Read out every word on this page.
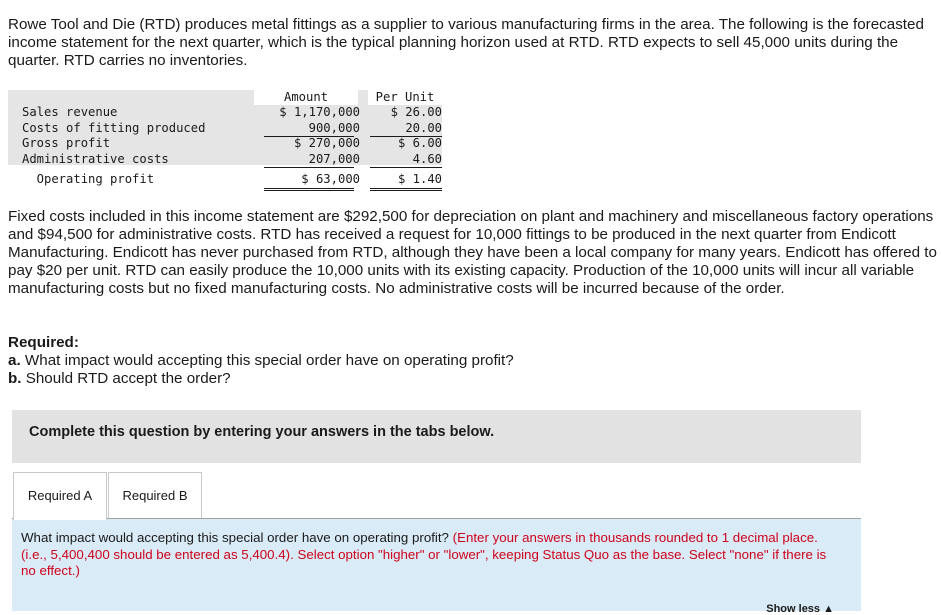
Rowe Tool and Die (RTD) produces metal fittings as a supplier to various manufacturing firms in the area. The following is the forecasted income statement for the next quarter, which is the typical planning horizon used at RTD. RTD expects to sell 45,000 units during the quarter. RTD carries no inventories.
Amount	Per Unit
Sales revenue	$ 1,170,000	$ 26.00
Costs of fitting produced	900,000	20.00
Gross profit	$ 270,000	$ 6.00
Administrative costs	207,000	4.60
Operating profit	$ 63,000	$ 1.40
Fixed costs included in this income statement are $292,500 for depreciation on plant and machinery and miscellaneous factory operations and $94,500 for administrative costs. RTD has received a request for 10,000 fittings to be produced in the next quarter from Endicott Manufacturing. Endicott has never purchased from RTD, although they have been a local company for many years. Endicott has offered to pay $20 per unit. RTD can easily produce the 10,000 units with its existing capacity. Production of the 10,000 units will incur all variable manufacturing costs but no fixed manufacturing costs. No administrative costs will be incurred because of the order.
Required:
a. What impact would accepting this special order have on operating profit?
b. Should RTD accept the order?
Complete this question by entering your answers in the tabs below.
Required A	Required B
What impact would accepting this special order have on operating profit? (Enter your answers in thousands rounded to 1 decimal place. (i.e., 5,400,400 should be entered as 5,400.4). Select option "higher" or "lower", keeping Status Quo as the base. Select "none" if there is no effect.)
Show less ▲
